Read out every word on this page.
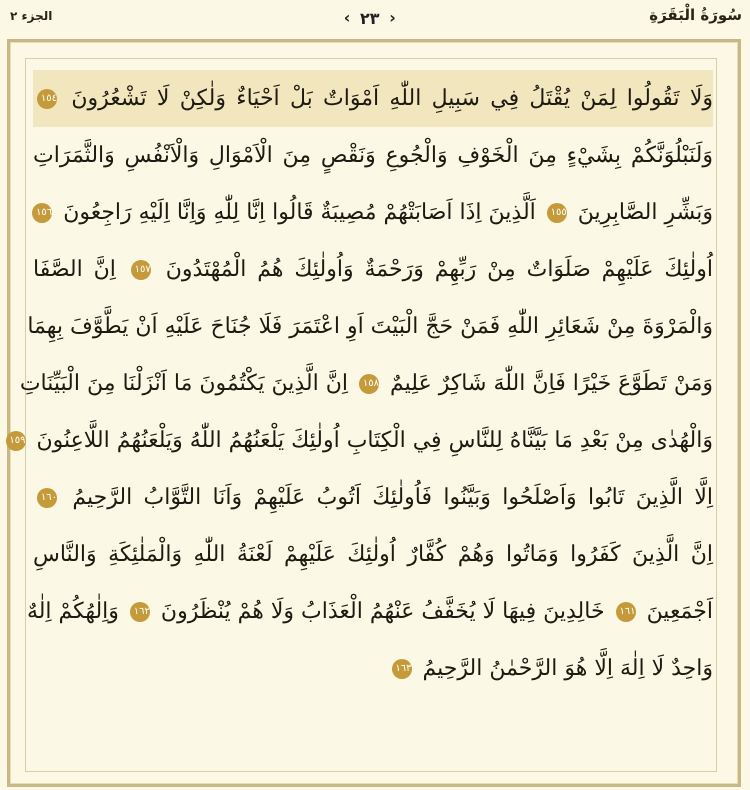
سُورَةُ الْبَقَرَةِ
‹ ٢٣ ›
الجزء ٢
وَلَا تَقُولُوا لِمَنْ يُقْتَلُ فِي سَبِيلِ اللّٰهِ اَمْوَاتٌ بَلْ اَحْيَاءٌ وَلٰكِنْ لَا تَشْعُرُونَ ١٥٤
وَلَنَبْلُوَنَّكُمْ بِشَيْءٍ مِنَ الْخَوْفِ وَالْجُوعِ وَنَقْصٍ مِنَ الْاَمْوَالِ وَالْاَنْفُسِ وَالثَّمَرَاتِ
وَبَشِّرِ الصَّابِرِينَ ١٥٥ اَلَّذِينَ اِذَا اَصَابَتْهُمْ مُصِيبَةٌ قَالُوا اِنَّا لِلّٰهِ وَاِنَّا اِلَيْهِ رَاجِعُونَ ١٥٦
اُولٰئِكَ عَلَيْهِمْ صَلَوَاتٌ مِنْ رَبِّهِمْ وَرَحْمَةٌ وَاُولٰئِكَ هُمُ الْمُهْتَدُونَ ١٥٧ اِنَّ الصَّفَا
وَالْمَرْوَةَ مِنْ شَعَائِرِ اللّٰهِ فَمَنْ حَجَّ الْبَيْتَ اَوِ اعْتَمَرَ فَلَا جُنَاحَ عَلَيْهِ اَنْ يَطَّوَّفَ بِهِمَا
وَمَنْ تَطَوَّعَ خَيْرًا فَاِنَّ اللّٰهَ شَاكِرٌ عَلِيمٌ ١٥٨ اِنَّ الَّذِينَ يَكْتُمُونَ مَا اَنْزَلْنَا مِنَ الْبَيِّنَاتِ
وَالْهُدٰى مِنْ بَعْدِ مَا بَيَّنَّاهُ لِلنَّاسِ فِي الْكِتَابِ اُولٰئِكَ يَلْعَنُهُمُ اللّٰهُ وَيَلْعَنُهُمُ اللَّاعِنُونَ ١٥٩
اِلَّا الَّذِينَ تَابُوا وَاَصْلَحُوا وَبَيَّنُوا فَاُولٰئِكَ اَتُوبُ عَلَيْهِمْ وَاَنَا التَّوَّابُ الرَّحِيمُ ١٦٠
اِنَّ الَّذِينَ كَفَرُوا وَمَاتُوا وَهُمْ كُفَّارٌ اُولٰئِكَ عَلَيْهِمْ لَعْنَةُ اللّٰهِ وَالْمَلٰئِكَةِ وَالنَّاسِ
اَجْمَعِينَ ١٦١ خَالِدِينَ فِيهَا لَا يُخَفَّفُ عَنْهُمُ الْعَذَابُ وَلَا هُمْ يُنْظَرُونَ ١٦٢ وَاِلٰهُكُمْ اِلٰهٌ
وَاحِدٌ لَا اِلٰهَ اِلَّا هُوَ الرَّحْمٰنُ الرَّحِيمُ ١٦٣
